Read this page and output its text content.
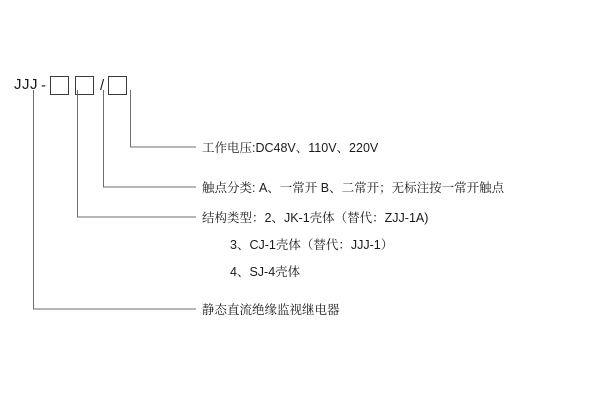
JJJ -	/
工作电压:DC48V、110V、220V
触点分类: A、一常开 B、二常开；无标注按一常开触点
结构类型：2、JK-1壳体（替代：ZJJ-1A)
3、CJ-1壳体（替代：JJJ-1）
4、SJ-4壳体
静态直流绝缘监视继电器
